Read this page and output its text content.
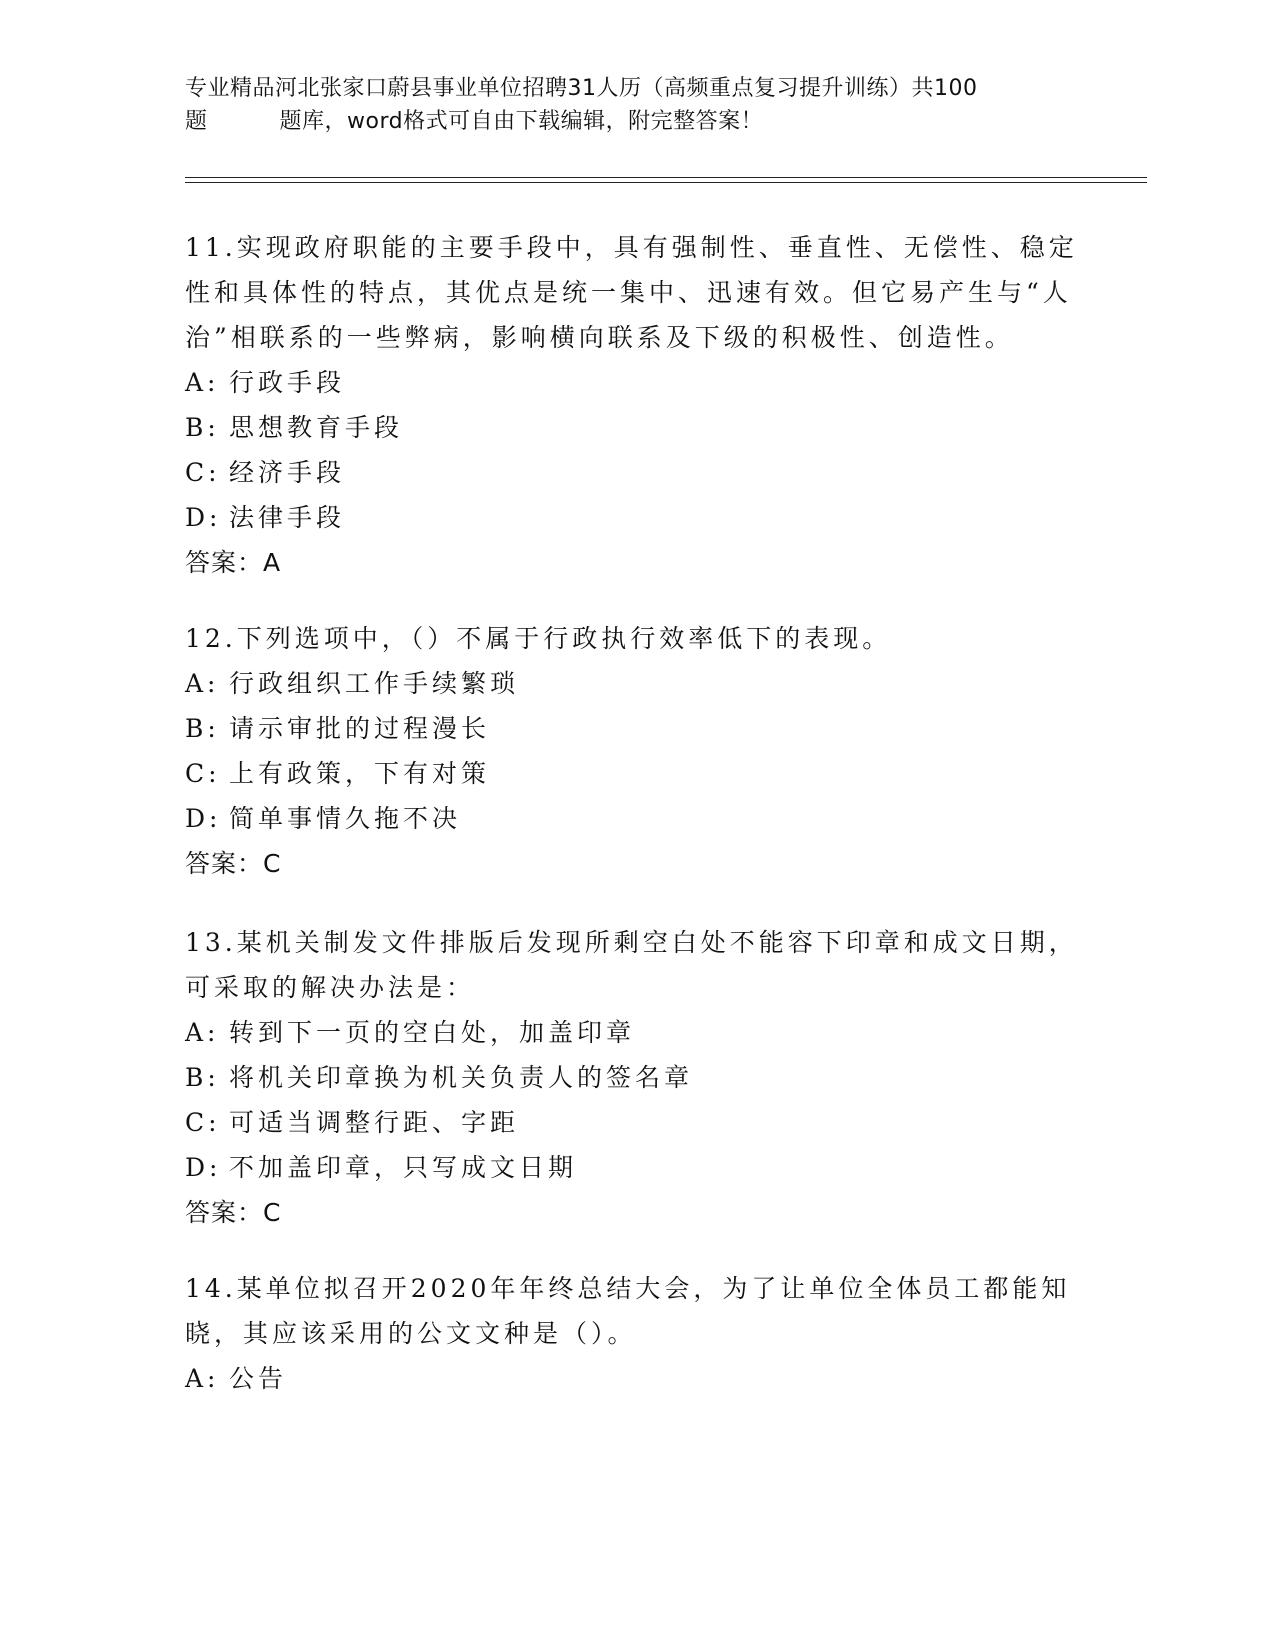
专业精品河北张家口蔚县事业单位招聘31人历（高频重点复习提升训练）共100
题	题库，word格式可自由下载编辑，附完整答案！

11.实现政府职能的主要手段中，具有强制性、垂直性、无偿性、稳定性和具体性的特点，其优点是统一集中、迅速有效。但它易产生与“人治”相联系的一些弊病，影响横向联系及下级的积极性、创造性。

A: 行政手段
B: 思想教育手段
C: 经济手段
D: 法律手段
答案：A

12.下列选项中，（）不属于行政执行效率低下的表现。

A: 行政组织工作手续繁琐
B: 请示审批的过程漫长
C: 上有政策，下有对策
D: 简单事情久拖不决
答案：C

13.某机关制发文件排版后发现所剩空白处不能容下印章和成文日期，可采取的解决办法是：

A: 转到下一页的空白处，加盖印章
B: 将机关印章换为机关负责人的签名章
C: 可适当调整行距、字距
D: 不加盖印章，只写成文日期
答案：C

14.某单位拟召开2020年年终总结大会，为了让单位全体员工都能知晓，其应该采用的公文文种是（）。

A: 公告
